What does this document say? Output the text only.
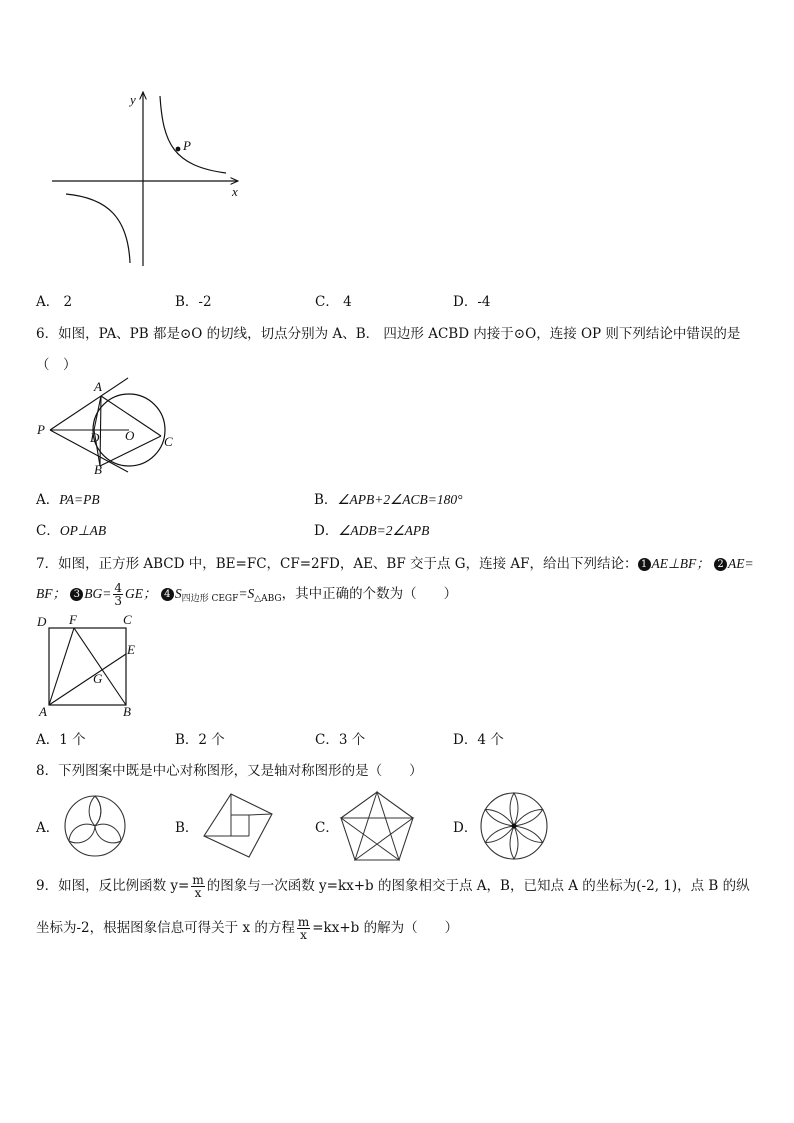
y
x
P
A． 2	B．-2	C． 4	D．-4
6．如图，PA、PB 都是⊙O 的切线，切点分别为 A、B． 四边形 ACBD 内接于⊙O，连接 OP 则下列结论中错误的是
（　）
A
B
C
D O
P
A．PA=PB	B．∠APB+2∠ACB=180°
C．OP⊥AB	D．∠ADB=2∠APB
7．如图，正方形 ABCD 中，BE=FC，CF=2FD，AE、BF 交于点 G，连接 AF，给出下列结论： 1 AE⊥BF； 2 AE=
BF； 3 $BG= \frac{4}{3}$ GE； 4 $S_{四边形 CEGF}=S_{\triangle ABG}$，其中正确的个数为（　　）
D F	C
E
G
A	B
A．1 个	B．2 个	C．3 个	D．4 个
8．下列图案中既是中心对称图形，又是轴对称图形的是（　　）
A．	B．	C．	D．
9．如图，反比例函数 $y= \frac{m}{x}$ 的图象与一次函数 y=kx+b 的图象相交于点 A，B，已知点 A 的坐标为(-2, 1)，点 B 的纵
坐标为-2，根据图象信息可得关于 x 的方程 $\frac{m}{x} =kx+b$ 的解为（　　）
